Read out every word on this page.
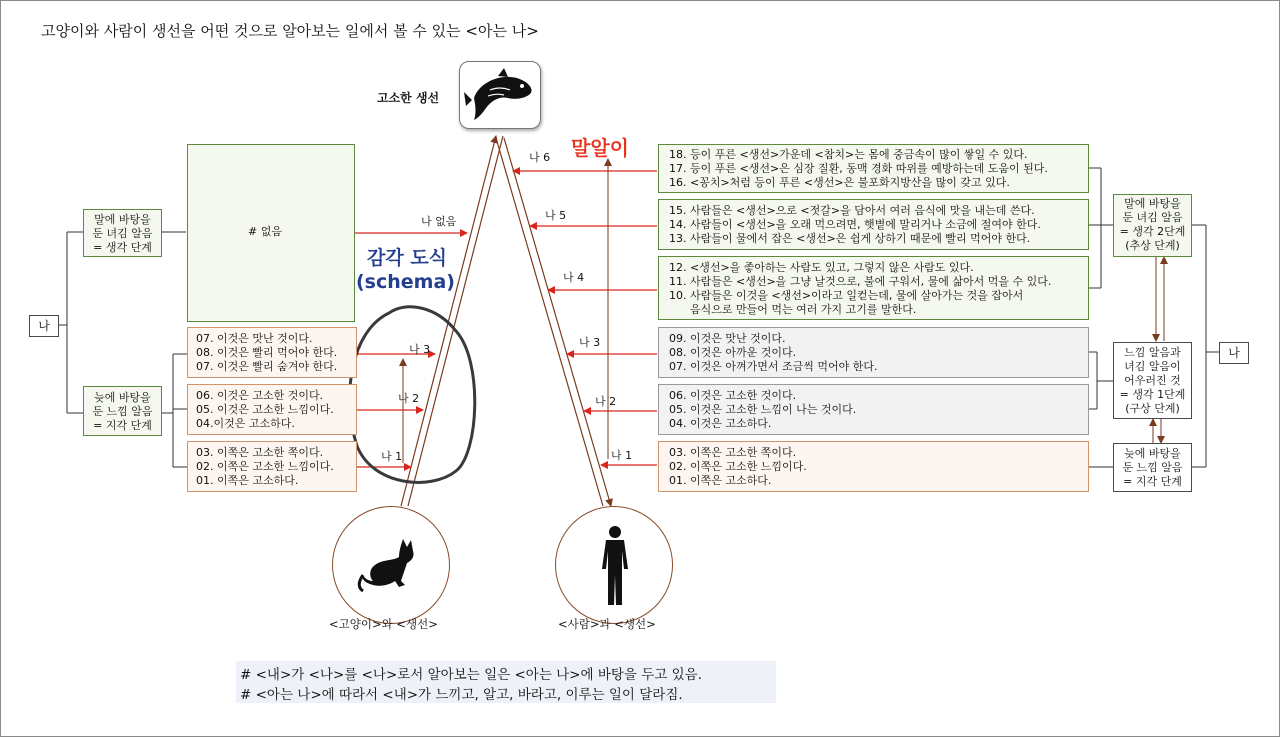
고양이와 사람이 생선을 어떤 것으로 알아보는 일에서 볼 수 있는 <아는 나>
고소한 생선
말알이
감각 도식
(schema)
나
말에 바탕을
둔 녀김 알음
= 생각 단계
늦에 바탕을
둔 느낌 알음
= 지각 단계
# 없음
07. 이것은 맛난 것이다.
08. 이것은 빨리 먹어야 한다.
07. 이것은 빨리 숨겨야 한다.
06. 이것은 고소한 것이다.
05. 이것은 고소한 느낌이다.
04.이것은 고소하다.
03. 이쪽은 고소한 쪽이다.
02. 이쪽은 고소한 느낌이다.
01. 이쪽은 고소하다.
나 없음
나 3
나 2
나 1
나 6
나 5
나 4
나 3
나 2
나 1
18. 등이 푸른 <생선>가운데 <참치>는 몸에 중금속이 많이 쌓일 수 있다.
17. 등이 푸른 <생선>은 심장 질환, 동맥 경화 따위를 예방하는데 도움이 된다.
16. <꽁치>처럼 등이 푸른 <생선>은 불포화지방산을 많이 갖고 있다.
15. 사람들은 <생선>으로 <젓갈>을 담아서 여러 음식에 맛을 내는데 쓴다.
14. 사람들이 <생선>을 오래 먹으려면, 햇볕에 말리거나 소금에 절여야 한다.
13. 사람들이 물에서 잡은 <생선>은 쉽게 상하기 때문에 빨리 먹어야 한다.
12. <생선>을 좋아하는 사람도 있고, 그렇지 않은 사람도 있다.
11. 사람들은 <생선>을 그냥 날것으로, 불에 구워서, 물에 삶아서 먹을 수 있다.
10. 사람들은 이것을 <생선>이라고 일컫는데, 물에 살아가는 것을 잡아서
음식으로 만들어 먹는 여러 가지 고기를 말한다.
09. 이것은 맛난 것이다.
08. 이것은 아까운 것이다.
07. 이것은 아껴가면서 조금씩 먹어야 한다.
06. 이것은 고소한 것이다.
05. 이것은 고소한 느낌이 나는 것이다.
04. 이것은 고소하다.
03. 이쪽은 고소한 쪽이다.
02. 이쪽은 고소한 느낌이다.
01. 이쪽은 고소하다.
말에 바탕을
둔 녀김 알음
= 생각 2단계
(추상 단계)
느낌 알음과
녀김 알음이
어우러진 것
= 생각 1단계
(구상 단계)
늦에 바탕을
둔 느낌 알음
= 지각 단계
나
<고양이>와 <생선>	<사람>과 <생선>
# <내>가 <나>를 <나>로서 알아보는 일은 <아는 나>에 바탕을 두고 있음.
# <아는 나>에 따라서 <내>가 느끼고, 알고, 바라고, 이루는 일이 달라짐.
